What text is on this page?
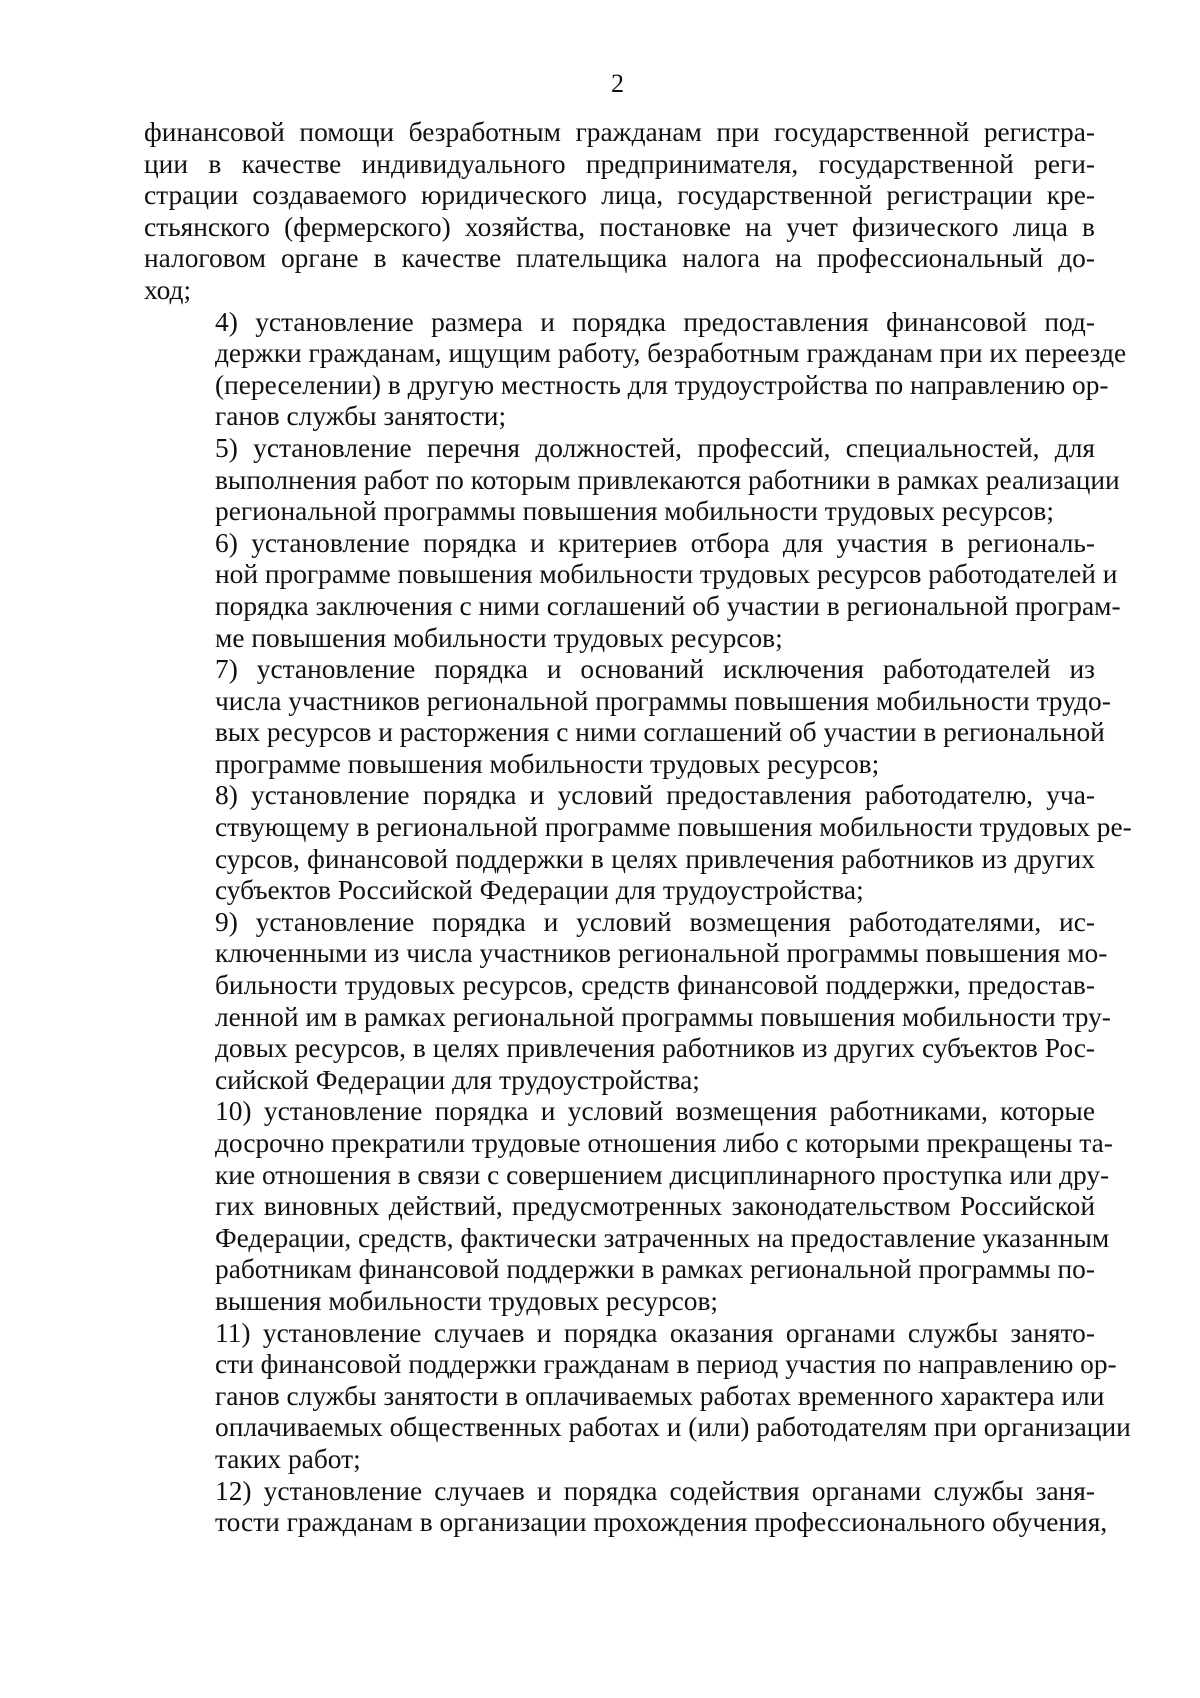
2

финансовой помощи безработным гражданам при государственной регистра-
ции в качестве индивидуального предпринимателя, государственной реги-
страции создаваемого юридического лица, государственной регистрации кре-
стьянского (фермерского) хозяйства, постановке на учет физического лица в
налоговом органе в качестве плательщика налога на профессиональный до-
ход;

4) установление размера и порядка предоставления финансовой под-
держки гражданам, ищущим работу, безработным гражданам при их переезде
(переселении) в другую местность для трудоустройства по направлению ор-
ганов службы занятости;

5) установление перечня должностей, профессий, специальностей, для
выполнения работ по которым привлекаются работники в рамках реализации
региональной программы повышения мобильности трудовых ресурсов;

6) установление порядка и критериев отбора для участия в региональ-
ной программе повышения мобильности трудовых ресурсов работодателей и
порядка заключения с ними соглашений об участии в региональной програм-
ме повышения мобильности трудовых ресурсов;

7) установление порядка и оснований исключения работодателей из
числа участников региональной программы повышения мобильности трудо-
вых ресурсов и расторжения с ними соглашений об участии в региональной
программе повышения мобильности трудовых ресурсов;

8) установление порядка и условий предоставления работодателю, уча-
ствующему в региональной программе повышения мобильности трудовых ре-
сурсов, финансовой поддержки в целях привлечения работников из других
субъектов Российской Федерации для трудоустройства;

9) установление порядка и условий возмещения работодателями, ис-
ключенными из числа участников региональной программы повышения мо-
бильности трудовых ресурсов, средств финансовой поддержки, предостав-
ленной им в рамках региональной программы повышения мобильности тру-
довых ресурсов, в целях привлечения работников из других субъектов Рос-
сийской Федерации для трудоустройства;

10) установление порядка и условий возмещения работниками, которые
досрочно прекратили трудовые отношения либо с которыми прекращены та-
кие отношения в связи с совершением дисциплинарного проступка или дру-
гих виновных действий, предусмотренных законодательством Российской
Федерации, средств, фактически затраченных на предоставление указанным
работникам финансовой поддержки в рамках региональной программы по-
вышения мобильности трудовых ресурсов;

11) установление случаев и порядка оказания органами службы занято-
сти финансовой поддержки гражданам в период участия по направлению ор-
ганов службы занятости в оплачиваемых работах временного характера или
оплачиваемых общественных работах и (или) работодателям при организации
таких работ;

12) установление случаев и порядка содействия органами службы заня-
тости гражданам в организации прохождения профессионального обучения,
